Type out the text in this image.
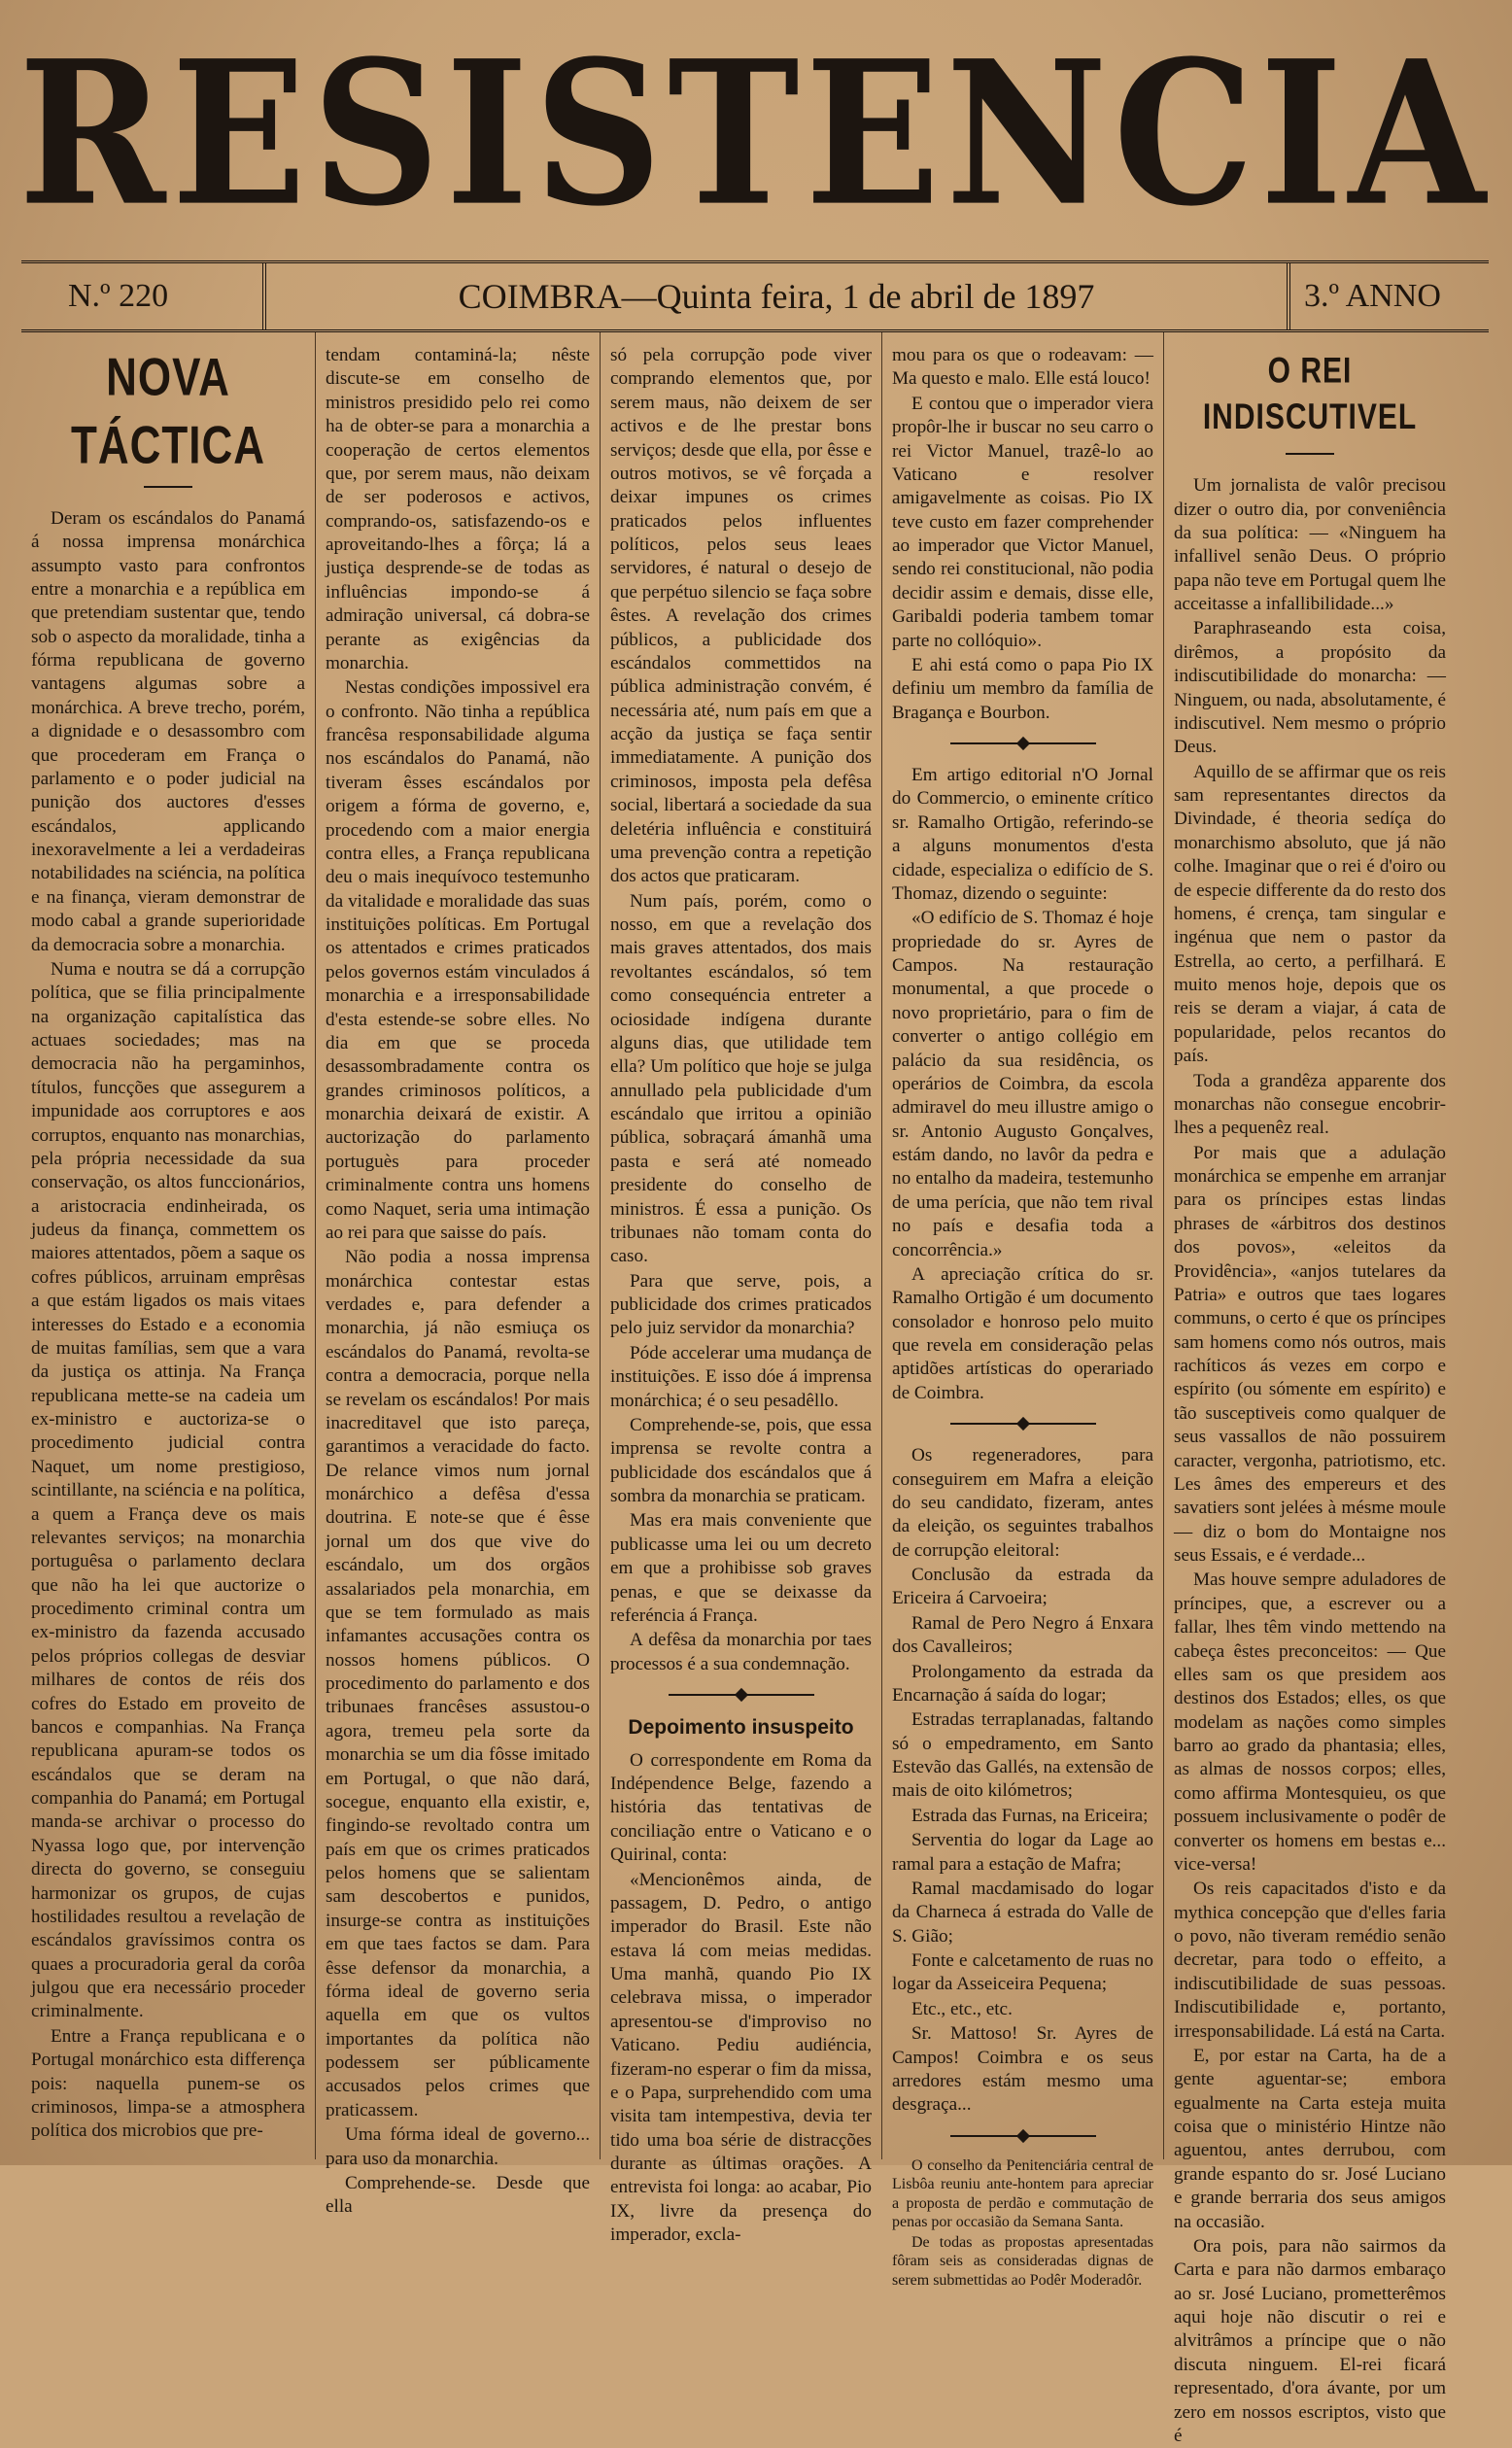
RESISTENCIA
N.º 220	COIMBRA—Quinta feira, 1 de abril de 1897	3.º ANNO
NOVA TÁCTICA

Deram os escándalos do Panamá á nossa imprensa monárchica assumpto vasto para confrontos entre a monarchia e a república em que pretendiam sustentar que, tendo sob o aspecto da moralidade, tinha a fórma republicana de governo vantagens algumas sobre a monárchica. A breve trecho, porém, a dignidade e o desassombro com que procederam em França o parlamento e o poder judicial na punição dos auctores d'esses escándalos, applicando inexoravelmente a lei a verdadeiras notabilidades na sciéncia, na política e na finança, vieram demonstrar de modo cabal a grande superioridade da democracia sobre a monarchia.

Numa e noutra se dá a corrupção política, que se filia principalmente na organização capitalística das actuaes sociedades; mas na democracia não ha pergaminhos, títulos, funcções que assegurem a impunidade aos corruptores e aos corruptos, enquanto nas monarchias, pela própria necessidade da sua conservação, os altos funccionários, a aristocracia endinheirada, os judeus da finança, commettem os maiores attentados, põem a saque os cofres públicos, arruinam emprêsas a que estám ligados os mais vitaes interesses do Estado e a economia de muitas famílias, sem que a vara da justiça os attinja. Na França republicana mette-se na cadeia um ex-ministro e auctoriza-se o procedimento judicial contra Naquet, um nome prestigioso, scintillante, na sciéncia e na política, a quem a França deve os mais relevantes serviços; na monarchia portuguêsa o parlamento declara que não ha lei que auctorize o procedimento criminal contra um ex-ministro da fazenda accusado pelos próprios collegas de desviar milhares de contos de réis dos cofres do Estado em proveito de bancos e companhias. Na França republicana apuram-se todos os escándalos que se deram na companhia do Panamá; em Portugal manda-se archivar o processo do Nyassa logo que, por intervenção directa do governo, se conseguiu harmonizar os grupos, de cujas hostilidades resultou a revelação de escándalos gravíssimos contra os quaes a procuradoria geral da corôa julgou que era necessário proceder criminalmente.

Entre a França republicana e o Portugal monárchico esta differença pois: naquella punem-se os criminosos, limpa-se a atmosphera política dos microbios que pre-

tendam contaminá-la; nêste discute-se em conselho de ministros presidido pelo rei como ha de obter-se para a monarchia a cooperação de certos elementos que, por serem maus, não deixam de ser poderosos e activos, comprando-os, satisfazendo-os e aproveitando-lhes a fôrça; lá a justiça desprende-se de todas as influências impondo-se á admiração universal, cá dobra-se perante as exigências da monarchia.

Nestas condições impossivel era o confronto. Não tinha a república francêsa responsabilidade alguma nos escándalos do Panamá, não tiveram êsses escándalos por origem a fórma de governo, e, procedendo com a maior energia contra elles, a França republicana deu o mais inequívoco testemunho da vitalidade e moralidade das suas instituições políticas. Em Portugal os attentados e crimes praticados pelos governos estám vinculados á monarchia e a irresponsabilidade d'esta estende-se sobre elles. No dia em que se proceda desassombradamente contra os grandes criminosos políticos, a monarchia deixará de existir. A auctorização do parlamento portuguès para proceder criminalmente contra uns homens como Naquet, seria uma intimação ao rei para que saisse do país.

Não podia a nossa imprensa monárchica contestar estas verdades e, para defender a monarchia, já não esmiuça os escándalos do Panamá, revolta-se contra a democracia, porque nella se revelam os escándalos! Por mais inacreditavel que isto pareça, garantimos a veracidade do facto. De relance vimos num jornal monárchico a defêsa d'essa doutrina. E note-se que é êsse jornal um dos que vive do escándalo, um dos orgãos assalariados pela monarchia, em que se tem formulado as mais infamantes accusações contra os nossos homens públicos. O procedimento do parlamento e dos tribunaes francêses assustou-o agora, tremeu pela sorte da monarchia se um dia fôsse imitado em Portugal, o que não dará, socegue, enquanto ella existir, e, fingindo-se revoltado contra um país em que os crimes praticados pelos homens que se salientam sam descobertos e punidos, insurge-se contra as instituições em que taes factos se dam. Para êsse defensor da monarchia, a fórma ideal de governo seria aquella em que os vultos importantes da política não podessem ser públicamente accusados pelos crimes que praticassem.

Uma fórma ideal de governo... para uso da monarchia.

Comprehende-se. Desde que ella

só pela corrupção pode viver comprando elementos que, por serem maus, não deixem de ser activos e de lhe prestar bons serviços; desde que ella, por êsse e outros motivos, se vê forçada a deixar impunes os crimes praticados pelos influentes políticos, pelos seus leaes servidores, é natural o desejo de que perpétuo silencio se faça sobre êstes. A revelação dos crimes públicos, a publicidade dos escándalos commettidos na pública administração convém, é necessária até, num país em que a acção da justiça se faça sentir immediatamente. A punição dos criminosos, imposta pela defêsa social, libertará a sociedade da sua deletéria influência e constituirá uma prevenção contra a repetição dos actos que praticaram.

Num país, porém, como o nosso, em que a revelação dos mais graves attentados, dos mais revoltantes escándalos, só tem como consequéncia entreter a ociosidade indígena durante alguns dias, que utilidade tem ella? Um político que hoje se julga annullado pela publicidade d'um escándalo que irritou a opinião pública, sobraçará ámanhã uma pasta e será até nomeado presidente do conselho de ministros. É essa a punição. Os tribunaes não tomam conta do caso.

Para que serve, pois, a publicidade dos crimes praticados pelo juiz servidor da monarchia?

Póde accelerar uma mudança de instituições. E isso dóe á imprensa monárchica; é o seu pesadêllo.

Comprehende-se, pois, que essa imprensa se revolte contra a publicidade dos escándalos que á sombra da monarchia se praticam.

Mas era mais conveniente que publicasse uma lei ou um decreto em que a prohibisse sob graves penas, e que se deixasse da referéncia á França.

A defêsa da monarchia por taes processos é a sua condemnação.

Depoimento insuspeito

O correspondente em Roma da Indépendence Belge, fazendo a história das tentativas de conciliação entre o Vaticano e o Quirinal, conta:

«Mencionêmos ainda, de passagem, D. Pedro, o antigo imperador do Brasil. Este não estava lá com meias medidas. Uma manhã, quando Pio IX celebrava missa, o imperador apresentou-se d'improviso no Vaticano. Pediu audiéncia, fizeram-no esperar o fim da missa, e o Papa, surprehendido com uma visita tam intempestiva, devia ter tido uma boa série de distracções durante as últimas orações. A entrevista foi longa: ao acabar, Pio IX, livre da presença do imperador, excla-

mou para os que o rodeavam: — Ma questo e malo. Elle está louco!

E contou que o imperador viera propôr-lhe ir buscar no seu carro o rei Victor Manuel, trazê-lo ao Vaticano e resolver amigavelmente as coisas. Pio IX teve custo em fazer comprehender ao imperador que Victor Manuel, sendo rei constitucional, não podia decidir assim e demais, disse elle, Garibaldi poderia tambem tomar parte no collóquio».

E ahi está como o papa Pio IX definiu um membro da família de Bragança e Bourbon.

Em artigo editorial n'O Jornal do Commercio, o eminente crítico sr. Ramalho Ortigão, referindo-se a alguns monumentos d'esta cidade, especializa o edifício de S. Thomaz, dizendo o seguinte:

«O edifício de S. Thomaz é hoje propriedade do sr. Ayres de Campos. Na restauração monumental, a que procede o novo proprietário, para o fim de converter o antigo collégio em palácio da sua residência, os operários de Coimbra, da escola admiravel do meu illustre amigo o sr. Antonio Augusto Gonçalves, estám dando, no lavôr da pedra e no entalho da madeira, testemunho de uma perícia, que não tem rival no país e desafia toda a concorrência.»

A apreciação crítica do sr. Ramalho Ortigão é um documento consolador e honroso pelo muito que revela em consideração pelas aptidões artísticas do operariado de Coimbra.

Os regeneradores, para conseguirem em Mafra a eleição do seu candidato, fizeram, antes da eleição, os seguintes trabalhos de corrupção eleitoral:

Conclusão da estrada da Ericeira á Carvoeira;

Ramal de Pero Negro á Enxara dos Cavalleiros;

Prolongamento da estrada da Encarnação á saída do logar;

Estradas terraplanadas, faltando só o empedramento, em Santo Estevão das Gallés, na extensão de mais de oito kilómetros;

Estrada das Furnas, na Ericeira;

Serventia do logar da Lage ao ramal para a estação de Mafra;

Ramal macdamisado do logar da Charneca á estrada do Valle de S. Gião;

Fonte e calcetamento de ruas no logar da Asseiceira Pequena;

Etc., etc., etc.

Sr. Mattoso! Sr. Ayres de Campos! Coimbra e os seus arredores estám mesmo uma desgraça...

O conselho da Penitenciária central de Lisbôa reuniu ante-hontem para apreciar a proposta de perdão e commutação de penas por occasião da Semana Santa.

De todas as propostas apresentadas fôram seis as consideradas dignas de serem submettidas ao Podêr Moderadôr.

O REI INDISCUTIVEL

Um jornalista de valôr precisou dizer o outro dia, por conveniência da sua política: — «Ninguem ha infallivel senão Deus. O próprio papa não teve em Portugal quem lhe acceitasse a infallibilidade...»

Paraphraseando esta coisa, dirêmos, a propósito da indiscutibilidade do monarcha: — Ninguem, ou nada, absolutamente, é indiscutivel. Nem mesmo o próprio Deus.

Aquillo de se affirmar que os reis sam representantes directos da Divindade, é theoria sedíça do monarchismo absoluto, que já não colhe. Imaginar que o rei é d'oiro ou de especie differente da do resto dos homens, é crença, tam singular e ingénua que nem o pastor da Estrella, ao certo, a perfilhará. E muito menos hoje, depois que os reis se deram a viajar, á cata de popularidade, pelos recantos do país.

Toda a grandêza apparente dos monarchas não consegue encobrir-lhes a pequenêz real.

Por mais que a adulação monárchica se empenhe em arranjar para os príncipes estas lindas phrases de «árbitros dos destinos dos povos», «eleitos da Providência», «anjos tutelares da Patria» e outros que taes logares communs, o certo é que os príncipes sam homens como nós outros, mais rachíticos ás vezes em corpo e espírito (ou sómente em espírito) e tão susceptiveis como qualquer de seus vassallos de não possuirem caracter, vergonha, patriotismo, etc. Les âmes des empereurs et des savatiers sont jelées à mésme moule — diz o bom do Montaigne nos seus Essais, e é verdade...

Mas houve sempre aduladores de príncipes, que, a escrever ou a fallar, lhes têm vindo mettendo na cabeça êstes preconceitos: — Que elles sam os que presidem aos destinos dos Estados; elles, os que modelam as nações como simples barro ao grado da phantasia; elles, as almas de nossos corpos; elles, como affirma Montesquieu, os que possuem inclusivamente o podêr de converter os homens em bestas e... vice-versa!

Os reis capacitados d'isto e da mythica concepção que d'elles faria o povo, não tiveram remédio senão decretar, para todo o effeito, a indiscutibilidade de suas pessoas. Indiscutibilidade e, portanto, irresponsabilidade. Lá está na Carta.

E, por estar na Carta, ha de a gente aguentar-se; embora egualmente na Carta esteja muita coisa que o ministério Hintze não aguentou, antes derrubou, com grande espanto do sr. José Luciano e grande berraria dos seus amigos na occasião.

Ora pois, para não sairmos da Carta e para não darmos embaraço ao sr. José Luciano, prometterêmos aqui hoje não discutir o rei e alvitrâmos a príncipe que o não discuta ninguem. El-rei ficará representado, d'ora ávante, por um zero em nossos escriptos, visto que é
